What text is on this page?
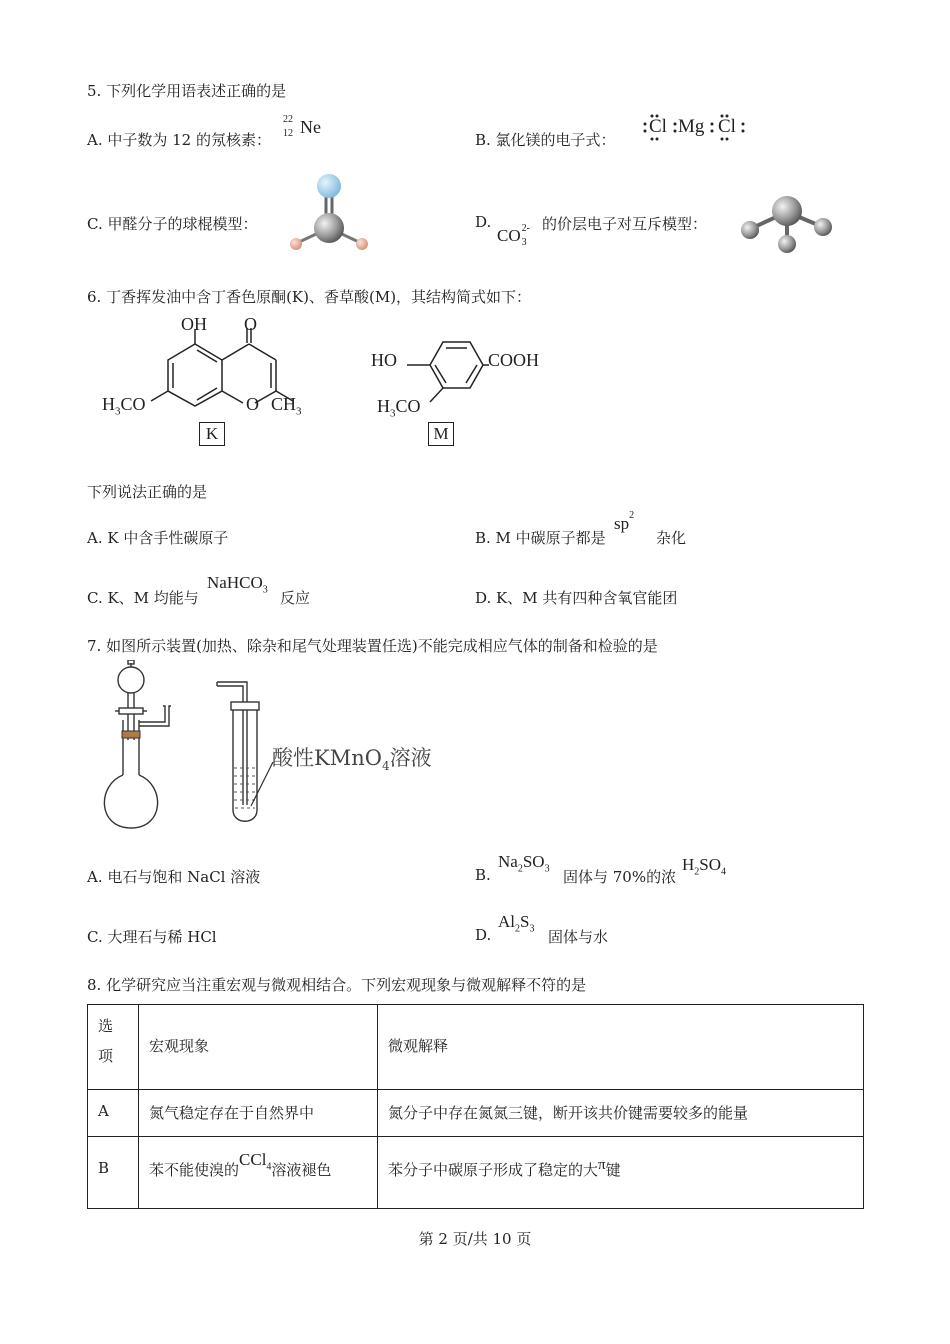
5. 下列化学用语表述正确的是
A. 中子数为 12 的氖核素：
22
12 Ne
B. 氯化镁的电子式：
Cl Mg Cl
C. 甲醛分子的球棍模型：	D.
CO 2-
3
的价层电子对互斥模型：
6. 丁香挥发油中含丁香色原酮(K)、香草酸(M)，其结构简式如下：
OH O
O
$H_3CO$	$CH_3$
K
HO	COOH
$H_3CO$
M
下列说法正确的是
A. K 中含手性碳原子	B. M 中碳原子都是
$sp^2$
杂化
C. K、M 均能与
NaHCO$_3$ 反应	D. K、M 共有四种含氧官能团
7. 如图所示装置(加热、除杂和尾气处理装置任选)不能完成相应气体的制备和检验的是
酸性KMnO$_4$溶液
A. 电石与饱和 NaCl 溶液	B.
$Na_2SO_3$ 固体与 70%的浓
$H_2SO_4$
C. 大理石与稀 HCl	D.
$Al_2S_3$ 固体与水
8. 化学研究应当注重宏观与微观相结合。下列宏观现象与微观解释不符的是
选
项	宏观现象	微观解释
A	氮气稳定存在于自然界中	氮分子中存在氮氮三键，断开该共价键需要较多的能量
B	苯不能使溴的CCl$_4$溶液褪色	苯分子中碳原子形成了稳定的大π键
第 2 页/共 10 页
